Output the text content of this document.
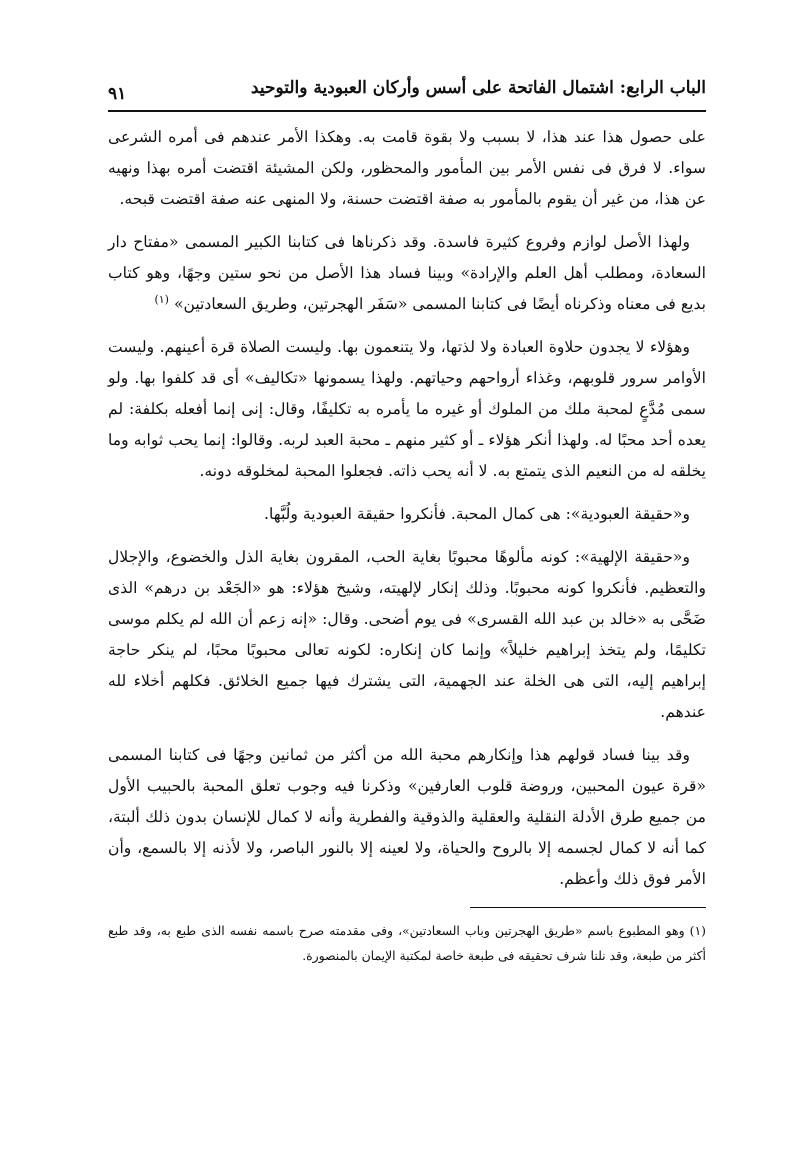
الباب الرابع: اشتمال الفاتحة على أسس وأركان العبودية والتوحيد
٩١

على حصول هذا عند هذا، لا بسبب ولا بقوة قامت به. وهكذا الأمر عندهم فى أمره الشرعى سواء. لا فرق فى نفس الأمر بين المأمور والمحظور، ولكن المشيئة اقتضت أمره بهذا ونهيه عن هذا، من غير أن يقوم بالمأمور به صفة اقتضت حسنة، ولا المنهى عنه صفة اقتضت قبحه.

ولهذا الأصل لوازم وفروع كثيرة فاسدة. وقد ذكرناها فى كتابنا الكبير المسمى «مفتاح دار السعادة، ومطلب أهل العلم والإرادة» وبينا فساد هذا الأصل من نحو ستين وجهًا، وهو كتاب بديع فى معناه وذكرناه أيضًا فى كتابنا المسمى «سَفَر الهجرتين، وطريق السعادتين» $^{(١)}$

وهؤلاء لا يجدون حلاوة العبادة ولا لذتها، ولا يتنعمون بها. وليست الصلاة قرة أعينهم. وليست الأوامر سرور قلوبهم، وغذاء أرواحهم وحياتهم. ولهذا يسمونها «تكاليف» أى قد كلفوا بها. ولو سمى مُدَّعٍ لمحبة ملك من الملوك أو غيره ما يأمره به تكليفًا، وقال: إنى إنما أفعله بكلفة: لم يعده أحد محبًا له. ولهذا أنكر هؤلاء ـ أو كثير منهم ـ محبة العبد لربه. وقالوا: إنما يحب ثوابه وما يخلقه له من النعيم الذى يتمتع به. لا أنه يحب ذاته. فجعلوا المحبة لمخلوقه دونه.

و«حقيقة العبودية»: هى كمال المحبة. فأنكروا حقيقة العبودية ولُبَّها.

و«حقيقة الإلهية»: كونه مألوهًا محبوبًا بغاية الحب، المقرون بغاية الذل والخضوع، والإجلال والتعظيم. فأنكروا كونه محبوبًا. وذلك إنكار لإلهيته، وشيخ هؤلاء: هو «الجَعْد بن درهم» الذى ضَحَّى به «خالد بن عبد الله القسرى» فى يوم أضحى. وقال: «إنه زعم أن الله لم يكلم موسى تكليمًا، ولم يتخذ إبراهيم خليلاً» وإنما كان إنكاره: لكونه تعالى محبوبًا محبًا، لم ينكر حاجة إبراهيم إليه، التى هى الخلة عند الجهمية، التى يشترك فيها جميع الخلائق. فكلهم أخلاء لله عندهم.

وقد بينا فساد قولهم هذا وإنكارهم محبة الله من أكثر من ثمانين وجهًا فى كتابنا المسمى «قرة عيون المحبين، وروضة قلوب العارفين» وذكرنا فيه وجوب تعلق المحبة بالحبيب الأول من جميع طرق الأدلة النقلية والعقلية والذوقية والفطرية وأنه لا كمال للإنسان بدون ذلك ألبتة، كما أنه لا كمال لجسمه إلا بالروح والحياة، ولا لعينه إلا بالنور الباصر، ولا لأذنه إلا بالسمع، وأن الأمر فوق ذلك وأعظم.

(١) وهو المطبوع باسم «طريق الهجرتين وباب السعادتين»، وفى مقدمته صرح باسمه نفسه الذى طبع به، وقد طبع أكثر من طبعة، وقد نلنا شرف تحقيقه فى طبعة خاصة لمكتبة الإيمان بالمنصورة.
